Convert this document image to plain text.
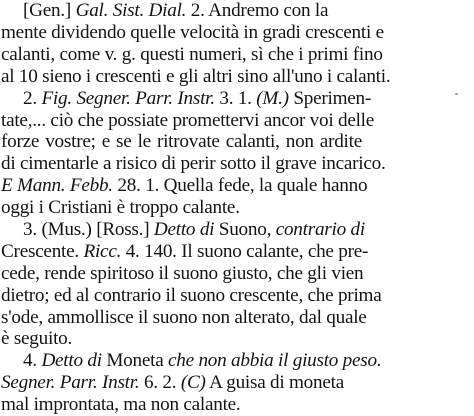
[Gen.] Gal. Sist. Dial. 2. Andremo con la
mente dividendo quelle velocità in gradi crescenti e
calanti, come v. g. questi numeri, sì che i primi fino
al 10 sieno i crescenti e gli altri sino all'uno i calanti.
2. Fig. Segner. Parr. Instr. 3. 1. (M.) Sperimen-
tate,... ciò che possiate promettervi ancor voi delle
forze vostre; e se le ritrovate calanti, non ardite
di cimentarle a risico di perir sotto il grave incarico.
E Mann. Febb. 28. 1. Quella fede, la quale hanno
oggi i Cristiani è troppo calante.
3. (Mus.) [Ross.] Detto di Suono, contrario di
Crescente. Ricc. 4. 140. Il suono calante, che pre-
cede, rende spiritoso il suono giusto, che gli vien
dietro; ed al contrario il suono crescente, che prima
s'ode, ammollisce il suono non alterato, dal quale
è seguito.
4. Detto di Moneta che non abbia il giusto peso.
Segner. Parr. Instr. 6. 2. (C) A guisa di moneta
mal improntata, ma non calante.
